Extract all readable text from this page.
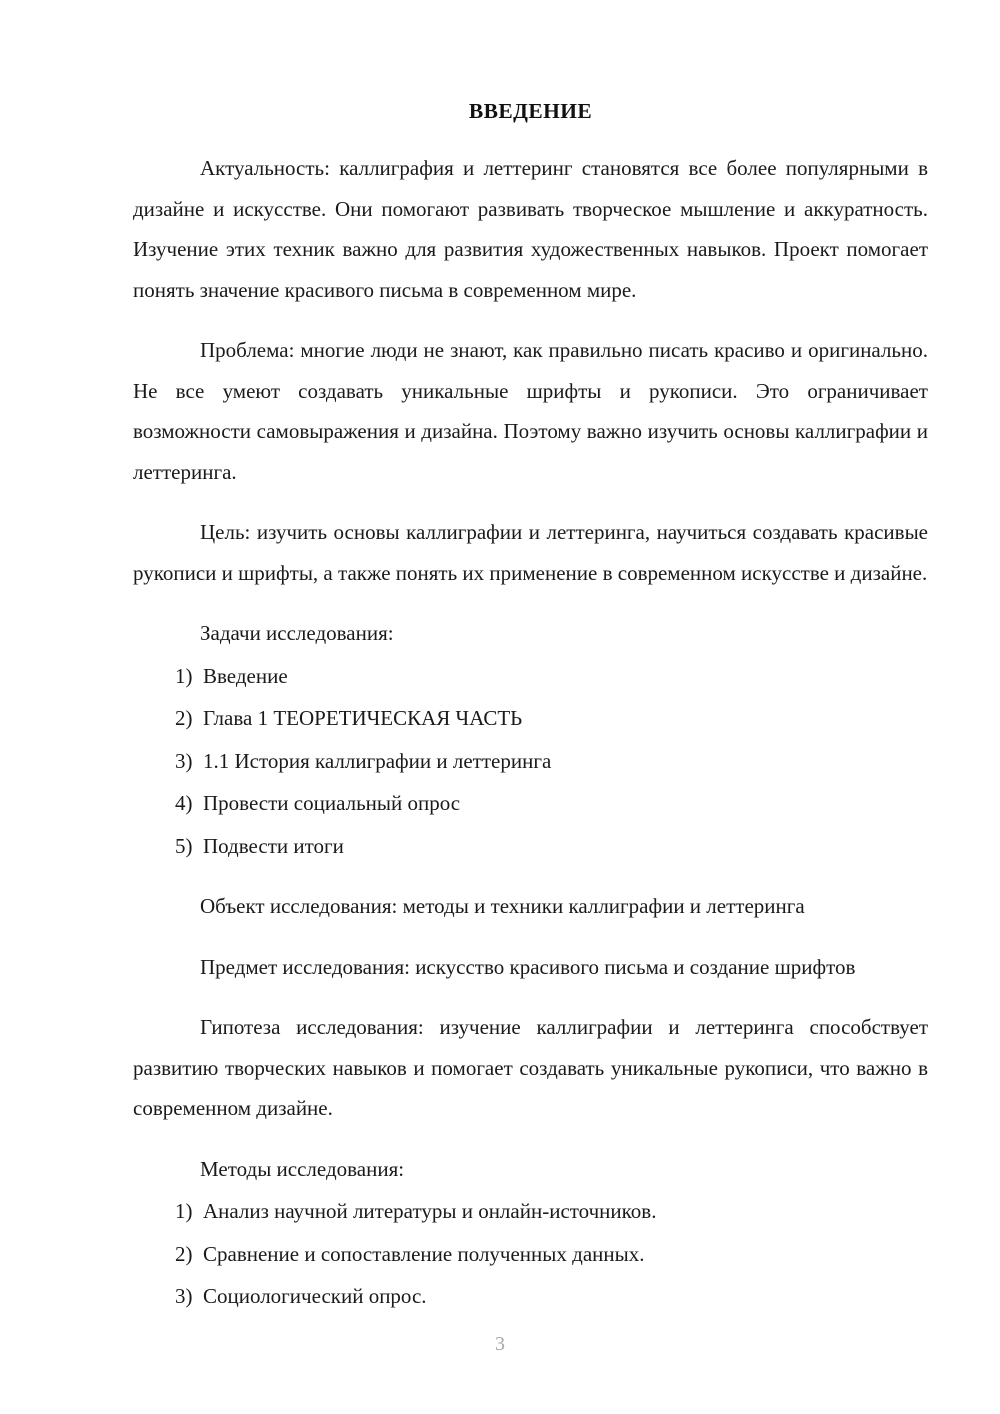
ВВЕДЕНИЕ

Актуальность: каллиграфия и леттеринг становятся все более популярными в дизайне и искусстве. Они помогают развивать творческое мышление и аккуратность. Изучение этих техник важно для развития художественных навыков. Проект помогает понять значение красивого письма в современном мире.

Проблема: многие люди не знают, как правильно писать красиво и оригинально. Не все умеют создавать уникальные шрифты и рукописи. Это ограничивает возможности самовыражения и дизайна. Поэтому важно изучить основы каллиграфии и леттеринга.

Цель: изучить основы каллиграфии и леттеринга, научиться создавать красивые рукописи и шрифты, а также понять их применение в современном искусстве и дизайне.

Задачи исследования:

1)  Введение
2)  Глава 1 ТЕОРЕТИЧЕСКАЯ ЧАСТЬ
3)  1.1 История каллиграфии и леттеринга
4)  Провести социальный опрос
5)  Подвести итоги

Объект исследования: методы и техники каллиграфии и леттеринга

Предмет исследования: искусство красивого письма и создание шрифтов

Гипотеза исследования: изучение каллиграфии и леттеринга способствует развитию творческих навыков и помогает создавать уникальные рукописи, что важно в современном дизайне.

Методы исследования:

1)  Анализ научной литературы и онлайн-источников.
2)  Сравнение и сопоставление полученных данных.
3)  Социологический опрос.
3
